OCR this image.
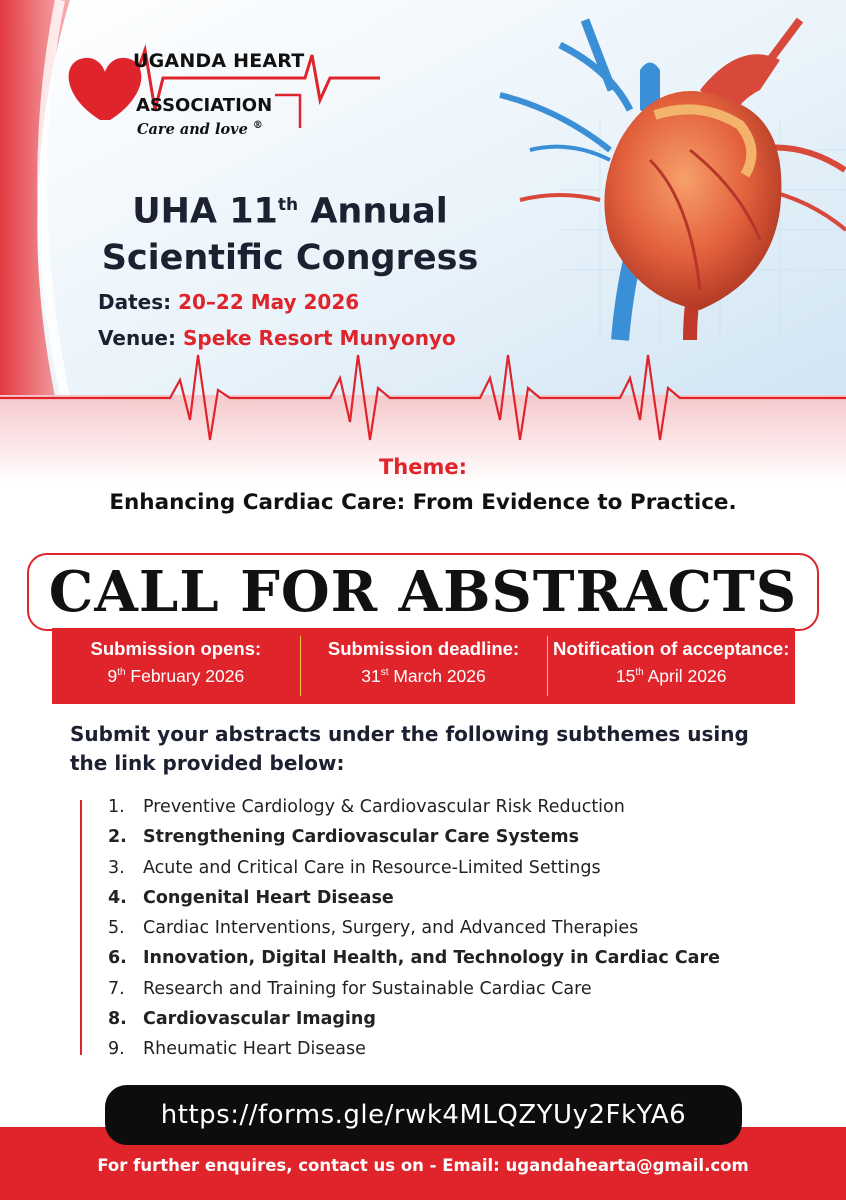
UGANDA HEART
ASSOCIATION
Care and love ®
UHA 11th Annual
Scientific Congress
Dates: 20–22 May 2026
Venue: Speke Resort Munyonyo
Theme:
Enhancing Cardiac Care: From Evidence to Practice.
CALL FOR ABSTRACTS
Submission opens:
9th February 2026
Submission deadline:
31st March 2026
Notification of acceptance:
15th April 2026
Submit your abstracts under the following subthemes using the link provided below:
1. Preventive Cardiology & Cardiovascular Risk Reduction
2. Strengthening Cardiovascular Care Systems
3. Acute and Critical Care in Resource-Limited Settings
4. Congenital Heart Disease
5. Cardiac Interventions, Surgery, and Advanced Therapies
6. Innovation, Digital Health, and Technology in Cardiac Care
7. Research and Training for Sustainable Cardiac Care
8. Cardiovascular Imaging
9. Rheumatic Heart Disease
https://forms.gle/rwk4MLQZYUy2FkYA6
For further enquires, contact us on - Email: ugandahearta@gmail.com
